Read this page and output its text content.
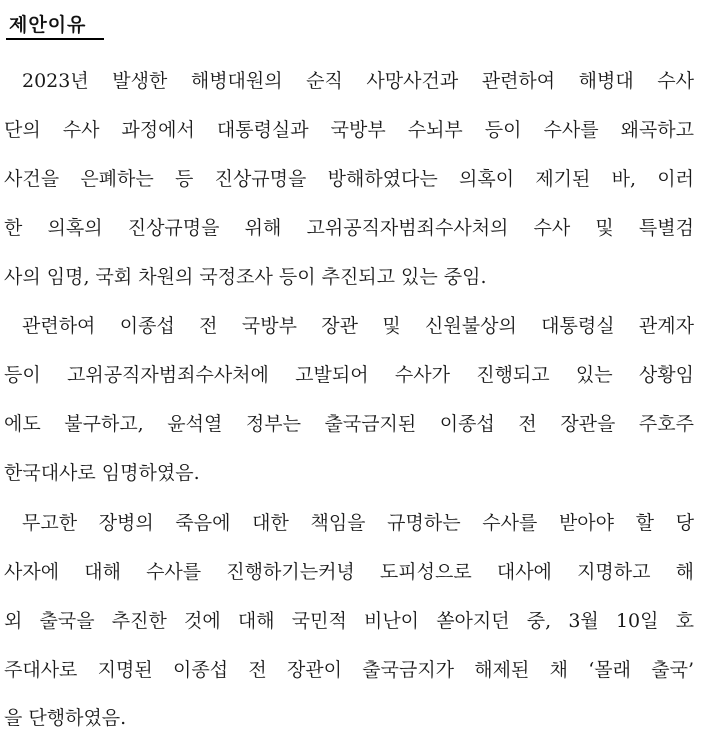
제안이유
2023년 발생한 해병대원의 순직 사망사건과 관련하여 해병대 수사
단의 수사 과정에서 대통령실과 국방부 수뇌부 등이 수사를 왜곡하고
사건을 은폐하는 등 진상규명을 방해하였다는 의혹이 제기된 바, 이러
한 의혹의 진상규명을 위해 고위공직자범죄수사처의 수사 및 특별검
사의 임명, 국회 차원의 국정조사 등이 추진되고 있는 중임.
관련하여 이종섭 전 국방부 장관 및 신원불상의 대통령실 관계자
등이 고위공직자범죄수사처에 고발되어 수사가 진행되고 있는 상황임
에도 불구하고, 윤석열 정부는 출국금지된 이종섭 전 장관을 주호주
한국대사로 임명하였음.
무고한 장병의 죽음에 대한 책임을 규명하는 수사를 받아야 할 당
사자에 대해 수사를 진행하기는커녕 도피성으로 대사에 지명하고 해
외 출국을 추진한 것에 대해 국민적 비난이 쏟아지던 중, 3월 10일 호
주대사로 지명된 이종섭 전 장관이 출국금지가 해제된 채 ‘몰래 출국’
을 단행하였음.
